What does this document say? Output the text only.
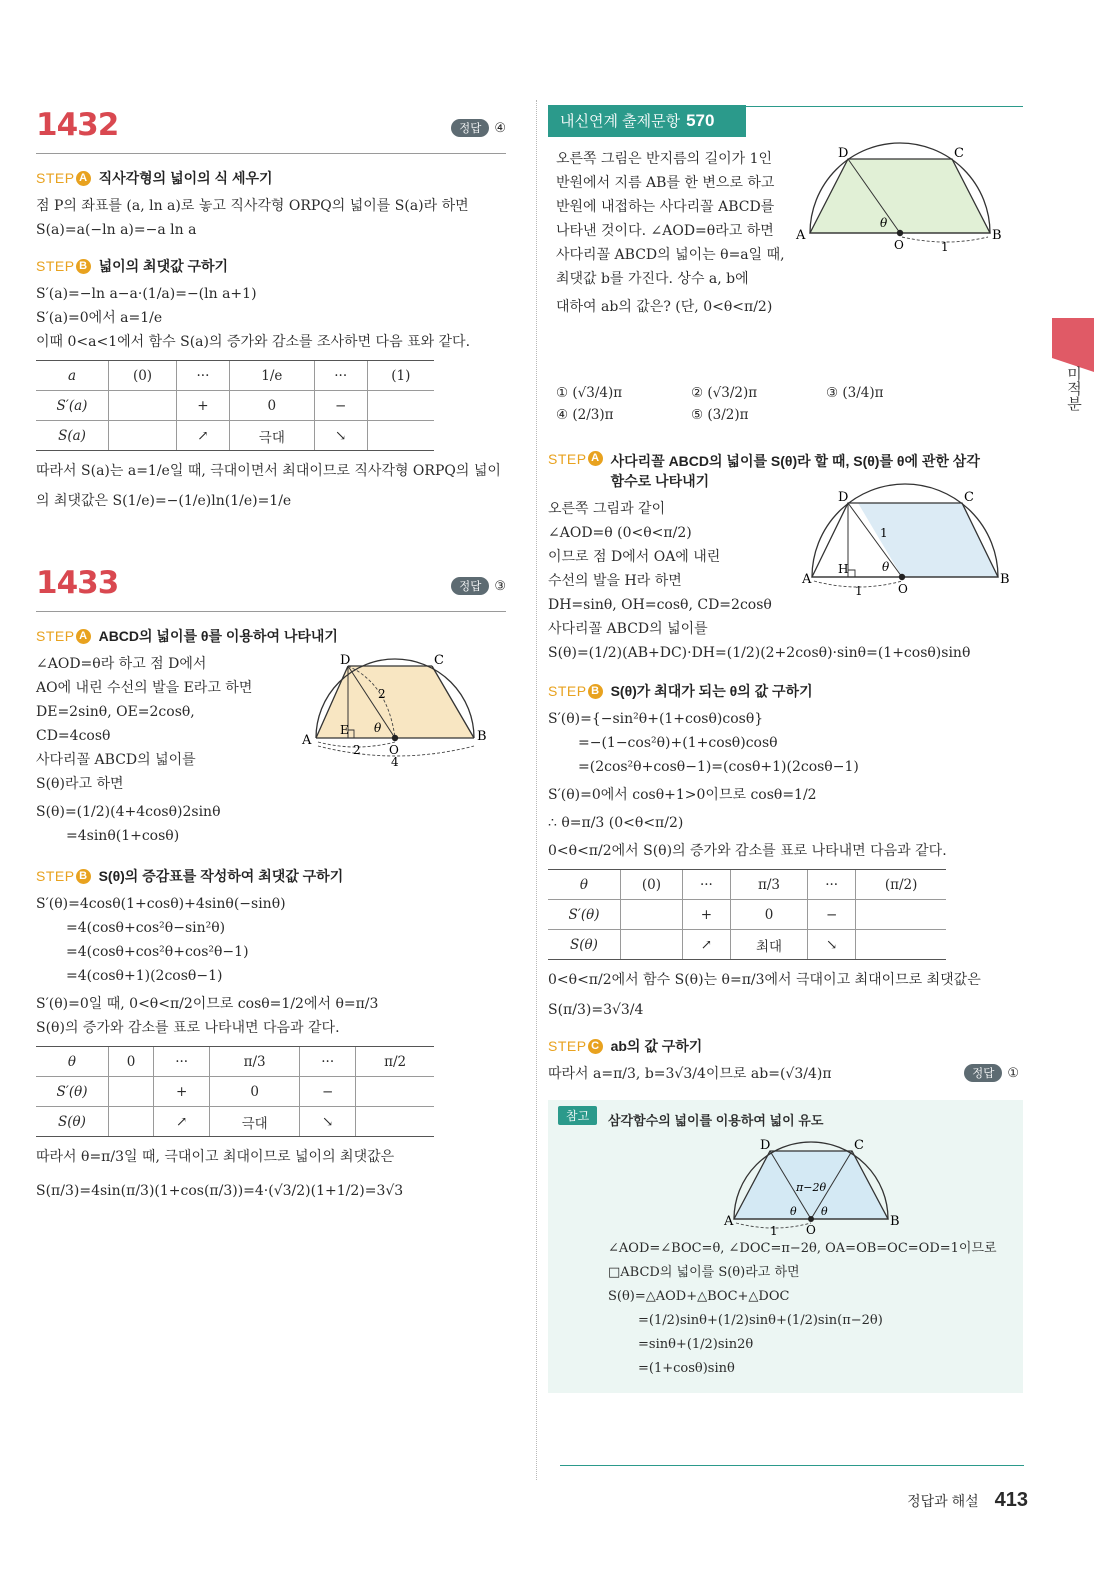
1432	정답 ④
STEP A 직사각형의 넓이의 식 세우기

점 P의 좌표를 (a, ln a)로 놓고 직사각형 ORPQ의 넓이를 S(a)라 하면

S(a)=a(−ln a)=−a ln a

STEP B 넓이의 최댓값 구하기

S′(a)=−ln a−a·(1/a)=−(ln a+1)

S′(a)=0에서 a=1/e

이때 0<a<1에서 함수 S(a)의 증가와 감소를 조사하면 다음 표와 같다.

a	(0)	···	1/e	···	(1)
S′(a)		+	0	−	
S(a)		↗	극대	↘	

따라서 S(a)는 a=1/e일 때, 극대이면서 최대이므로 직사각형 ORPQ의 넓이

의 최댓값은 S(1/e)=−(1/e)ln(1/e)=1/e

1433	정답 ③
STEP A ABCD의 넓이를 θ를 이용하여 나타내기

∠AOD=θ라 하고 점 D에서

AO에 내린 수선의 발을 E라고 하면

DE=2sinθ, OE=2cosθ,

CD=4cosθ

사다리꼴 ABCD의 넓이를

S(θ)라고 하면

S(θ)=(1/2)(4+4cosθ)2sinθ

=4sinθ(1+cosθ)

D	C
A	B
E
O
θ
2
2
4
STEP B S(θ)의 증감표를 작성하여 최댓값 구하기

S′(θ)=4cosθ(1+cosθ)+4sinθ(−sinθ)

=4(cosθ+cos²θ−sin²θ)

=4(cosθ+cos²θ+cos²θ−1)

=4(cosθ+1)(2cosθ−1)

S′(θ)=0일 때, 0<θ<π/2이므로 cosθ=1/2에서 θ=π/3

S(θ)의 증가와 감소를 표로 나타내면 다음과 같다.

θ	0	···	π/3	···	π/2
S′(θ)		+	0	−	
S(θ)		↗	극대	↘	

따라서 θ=π/3일 때, 극대이고 최대이므로 넓이의 최댓값은

S(π/3)=4sin(π/3)(1+cos(π/3))=4·(√3/2)(1+1/2)=3√3

내신연계 출제문항 570

오른쪽 그림은 반지름의 길이가 1인

반원에서 지름 AB를 한 변으로 하고

반원에 내접하는 사다리꼴 ABCD를

나타낸 것이다. ∠AOD=θ라고 하면

사다리꼴 ABCD의 넓이는 θ=a일 때,

최댓값 b를 가진다. 상수 a, b에

대하여 ab의 값은? (단, 0<θ<π/2)

D	C
A	B
O
θ
1
① (√3/4)π	② (√3/2)π	③ (3/4)π
④ (2/3)π	⑤ (3/2)π
STEP A 사다리꼴 ABCD의 넓이를 S(θ)라 할 때, S(θ)를 θ에 관한 삼각
함수로 나타내기

오른쪽 그림과 같이

∠AOD=θ (0<θ<π/2)

이므로 점 D에서 OA에 내린

수선의 발을 H라 하면

DH=sinθ, OH=cosθ, CD=2cosθ

사다리꼴 ABCD의 넓이를

S(θ)=(1/2)(AB+DC)·DH=(1/2)(2+2cosθ)·sinθ=(1+cosθ)sinθ

D	C
A	B
H
O
θ
1
1
STEP B S(θ)가 최대가 되는 θ의 값 구하기

S′(θ)={−sin²θ+(1+cosθ)cosθ}

=−(1−cos²θ)+(1+cosθ)cosθ

=(2cos²θ+cosθ−1)=(cosθ+1)(2cosθ−1)

S′(θ)=0에서 cosθ+1>0이므로 cosθ=1/2

∴ θ=π/3 (0<θ<π/2)

0<θ<π/2에서 S(θ)의 증가와 감소를 표로 나타내면 다음과 같다.

θ	(0)	···	π/3	···	(π/2)
S′(θ)		+	0	−	
S(θ)		↗	최대	↘	

0<θ<π/2에서 함수 S(θ)는 θ=π/3에서 극대이고 최대이므로 최댓값은

S(π/3)=3√3/4

STEP C ab의 값 구하기

따라서 a=π/3, b=3√3/4이므로 ab=(√3/4)π	정답 ①
참고	삼각함수의 넓이를 이용하여 넓이 유도
D	C
A	B
O
π−2θ
θ θ
1

∠AOD=∠BOC=θ, ∠DOC=π−2θ, OA=OB=OC=OD=1이므로

□ABCD의 넓이를 S(θ)라고 하면

S(θ)=△AOD+△BOC+△DOC

=(1/2)sinθ+(1/2)sinθ+(1/2)sin(π−2θ)

=sinθ+(1/2)sin2θ

=(1+cosθ)sinθ

미적분
정답과 해설 413
